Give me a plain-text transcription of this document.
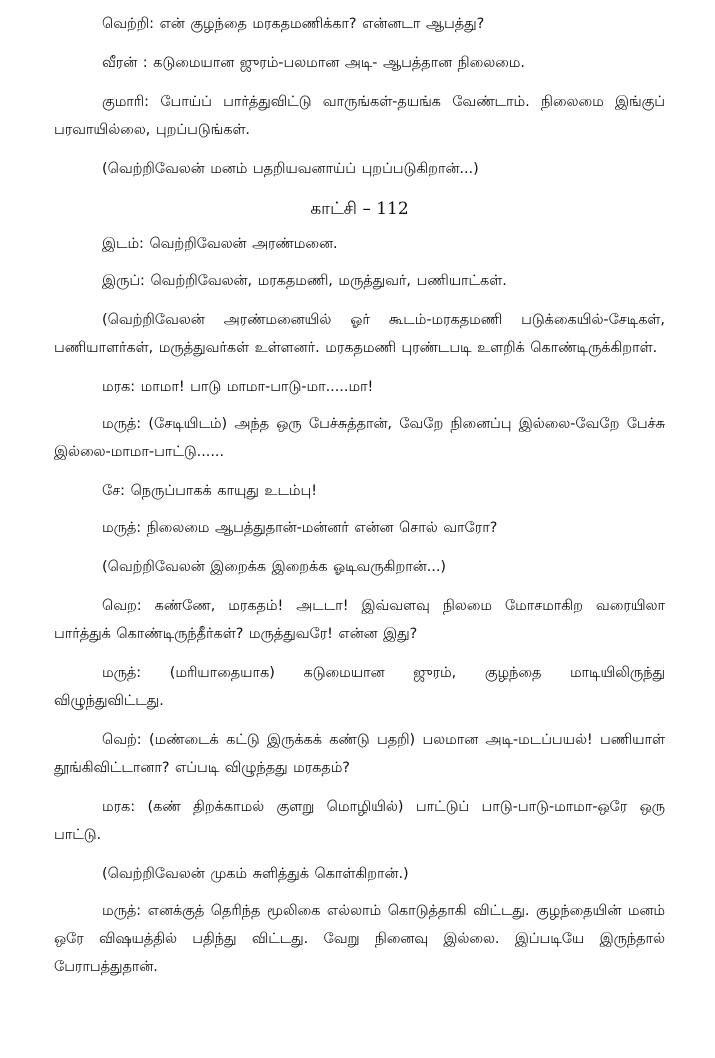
வெற்றி: என் குழந்தை மரகதமணிக்கா? என்னடா ஆபத்து?

வீரன் : கடுமையான ஜுரம்-பலமான அடி- ஆபத்தான நிலைமை.

குமாரி: போய்ப் பார்த்துவிட்டு வாருங்கள்-தயங்க வேண்டாம். நிலைமை இங்குப் பரவாயில்லை, புறப்படுங்கள்.

(வெற்றிவேலன் மனம் பதறியவனாய்ப் புறப்படுகிறான்...)

காட்சி – 112

இடம்: வெற்றிவேலன் அரண்மனை.

இருப்: வெற்றிவேலன், மரகதமணி, மருத்துவர், பணியாட்கள்.

(வெற்றிவேலன் அரண்மனையில் ஓர் கூடம்-மரகதமணி படுக்கையில்-சேடிகள், பணியாளர்கள், மருத்துவர்கள் உள்ளனர். மரகதமணி புரண்டபடி உளறிக் கொண்டிருக்கிறாள்.

மரக: மாமா! பாடு மாமா-பாடு-மா.....மா!

மருத்: (சேடியிடம்) அந்த ஒரு பேச்சுத்தான், வேறே நினைப்பு இல்லை-வேறே பேச்சு இல்லை-மாமா-பாட்டு......

சே: நெருப்பாகக் காயுது உடம்பு!

மருத்: நிலைமை ஆபத்துதான்-மன்னர் என்ன சொல் வாரோ?

(வெற்றிவேலன் இறைக்க இறைக்க ஓடிவருகிறான்...)

வெற: கண்ணே, மரகதம்! அடடா! இவ்வளவு நிலமை மோசமாகிற வரையிலா பார்த்துக் கொண்டிருந்தீர்கள்? மருத்துவரே! என்ன இது?

மருத்: (மரியாதையாக) கடுமையான ஜுரம், குழந்தை மாடியிலிருந்து விழுந்துவிட்டது.

வெற்: (மண்டைக் கட்டு இருக்கக் கண்டு பதறி) பலமான அடி-மடப்பயல்! பணியாள் தூங்கிவிட்டானா? எப்படி விழுந்தது மரகதம்?

மரக: (கண் திறக்காமல் குளறு மொழியில்) பாட்டுப் பாடு-பாடு-மாமா-ஒரே ஒரு பாட்டு.

(வெற்றிவேலன் முகம் சுளித்துக் கொள்கிறான்.)

மருத்: எனக்குத் தெரிந்த மூலிகை எல்லாம் கொடுத்தாகி விட்டது. குழந்தையின் மனம் ஒரே விஷயத்தில் பதிந்து விட்டது. வேறு நினைவு இல்லை. இப்படியே இருந்தால் பேராபத்துதான்.
